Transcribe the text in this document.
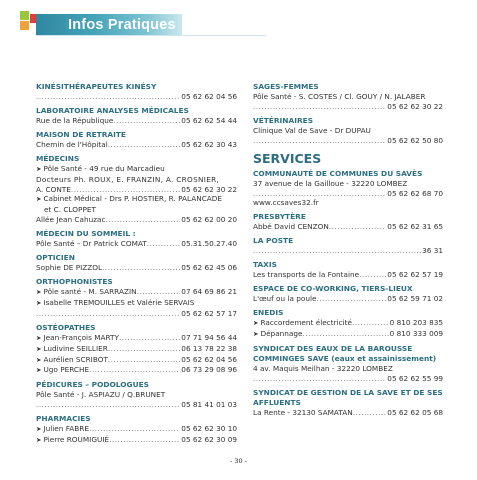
Infos Pratiques
KINÉSITHÉRAPEUTES KINÉSY
.....
05 62 62 04 56
LABORATOIRE ANALYSES MÉDICALES
Rue de la République .....	05 62 62 54 44
MAISON DE RETRAITE
Chemin de l'Hôpital .....	05 62 62 30 43
MÉDECINS
➤ Pôle Santé - 49 rue du Marcadieu
Docteurs Ph. ROUX, E. FRANZIN, A. CROSNIER,
A. CONTE .....	05 62 62 30 22
➤ Cabinet Médical - Drs P. HOSTIER, R. PALANCADE
et C. CLOPPET
Allée Jean Cahuzac .....	05 62 62 00 20
MÉDECIN DU SOMMEIL :
Pôle Santé – Dr Patrick COMAT .....	05.31.50.27.40
OPTICIEN
Sophie DE PIZZOL .....	05 62 62 45 06
ORTHOPHONISTES
➤ Pôle santé - M. SARRAZIN .....	07 64 69 86 21
➤ Isabelle TREMOUILLES et Valérie SERVAIS
.....
05 62 62 57 17
OSTÉOPATHES
➤ Jean-François MARTY .....	07 71 94 56 44
➤ Ludivine SEILLIER .....	06 13 78 22 38
➤ Aurélien SCRIBOT .....	05 62 62 04 56
➤ Ugo PERCHE .....	06 73 29 08 96
PÉDICURES – PODOLOGUES
Pôle Santé - J. ASPIAZU / Q.BRUNET
.....
05 81 41 01 03
PHARMACIES
➤ Julien FABRE .....	05 62 62 30 10
➤ Pierre ROUMIGUIÉ .....	05 62 62 30 09
SAGES-FEMMES
Pôle Santé - S. COSTES / Cl. GOUY / N. JALABER
.....
05 62 62 30 22
VÉTÉRINAIRES
Clinique Val de Save - Dr DUPAU
.....
05 62 62 50 80
SERVICES
COMMUNAUTÉ DE COMMUNES DU SAVÈS
37 avenue de la Gailloue - 32220 LOMBEZ
.....
05 62 62 68 70
www.ccsaves32.fr
PRESBYTÈRE
Abbé David CENZON .....	05 62 62 31 65
LA POSTE
.....
36 31
TAXIS
Les transports de la Fontaine .....	05 62 62 57 19
ESPACE DE CO-WORKING, TIERS-LIEUX
L'œuf ou la poule .....	05 62 59 71 02
ENEDIS
➤ Raccordement électricité .....	0 810 203 835
➤ Dépannage .....	0 810 333 009
SYNDICAT DES EAUX DE LA BAROUSSE
COMMINGES SAVE (eaux et assainissement)
4 av. Maquis Meilhan - 32220 LOMBEZ
.....
05 62 62 55 99
SYNDICAT DE GESTION DE LA SAVE ET DE SES
AFFLUENTS
La Rente - 32130 SAMATAN .....	05 62 62 05 68
- 30 -
